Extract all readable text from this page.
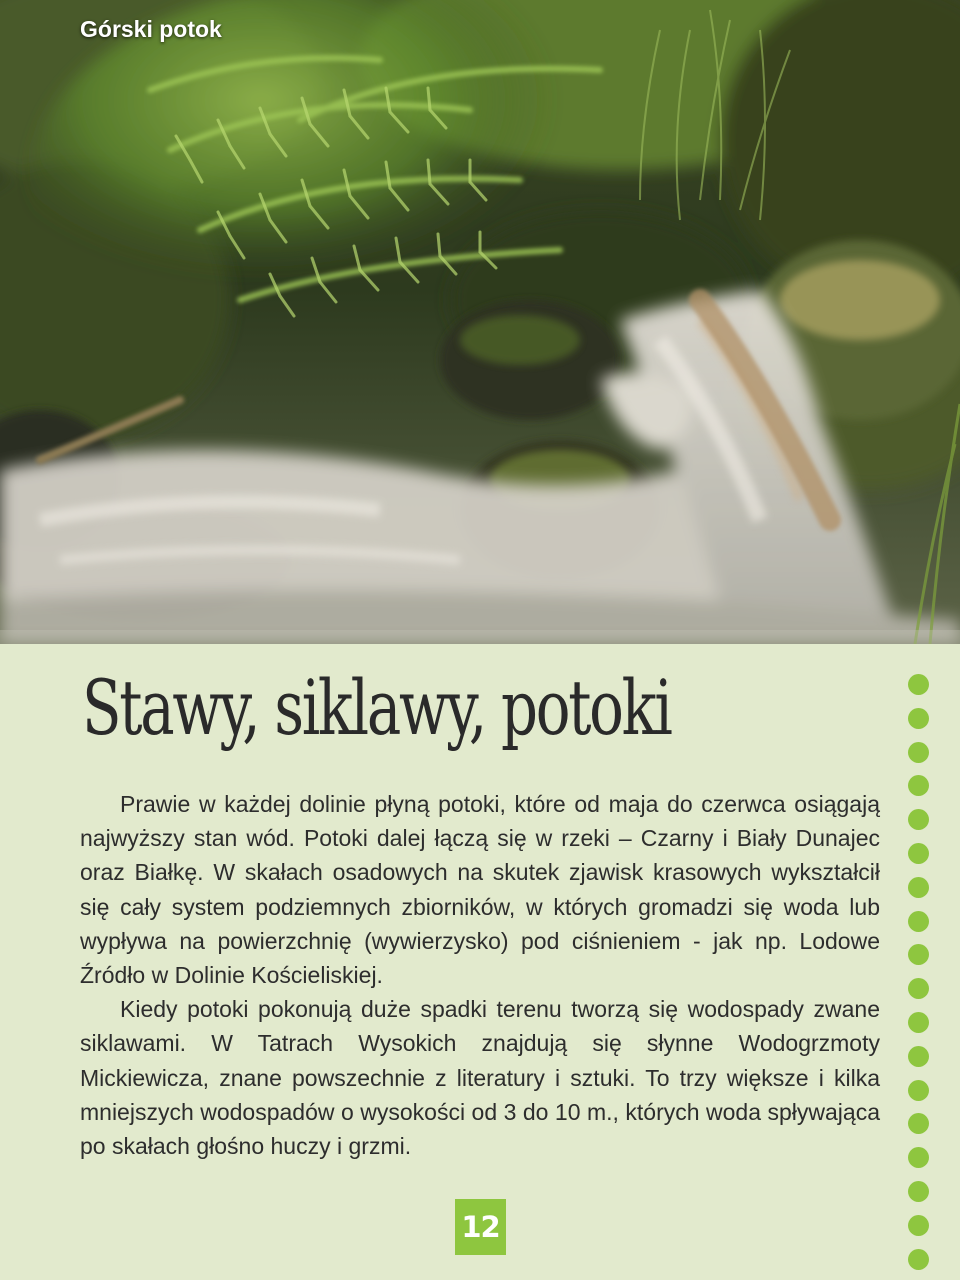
Górski potok
Stawy, siklawy, potoki

Prawie w każdej dolinie płyną potoki, które od maja do czerwca osiągają najwyższy stan wód. Potoki dalej łączą się w rzeki – Czarny i Biały Dunajec oraz Białkę. W skałach osadowych na skutek zjawisk krasowych wykształcił się cały system podziemnych zbiorników, w których gromadzi się woda lub wypływa na powierzchnię (wywierzysko) pod ciśnieniem - jak np. Lodowe Źródło w Dolinie Kościeliskiej.

Kiedy potoki pokonują duże spadki terenu tworzą się wodospady zwane siklawami. W Tatrach Wysokich znajdują się słynne Wodogrzmoty Mickiewicza, znane powszechnie z literatury i sztuki. To trzy większe i kilka mniejszych wodospadów o wysokości od 3 do 10 m., których woda spływająca po skałach głośno huczy i grzmi.

12
